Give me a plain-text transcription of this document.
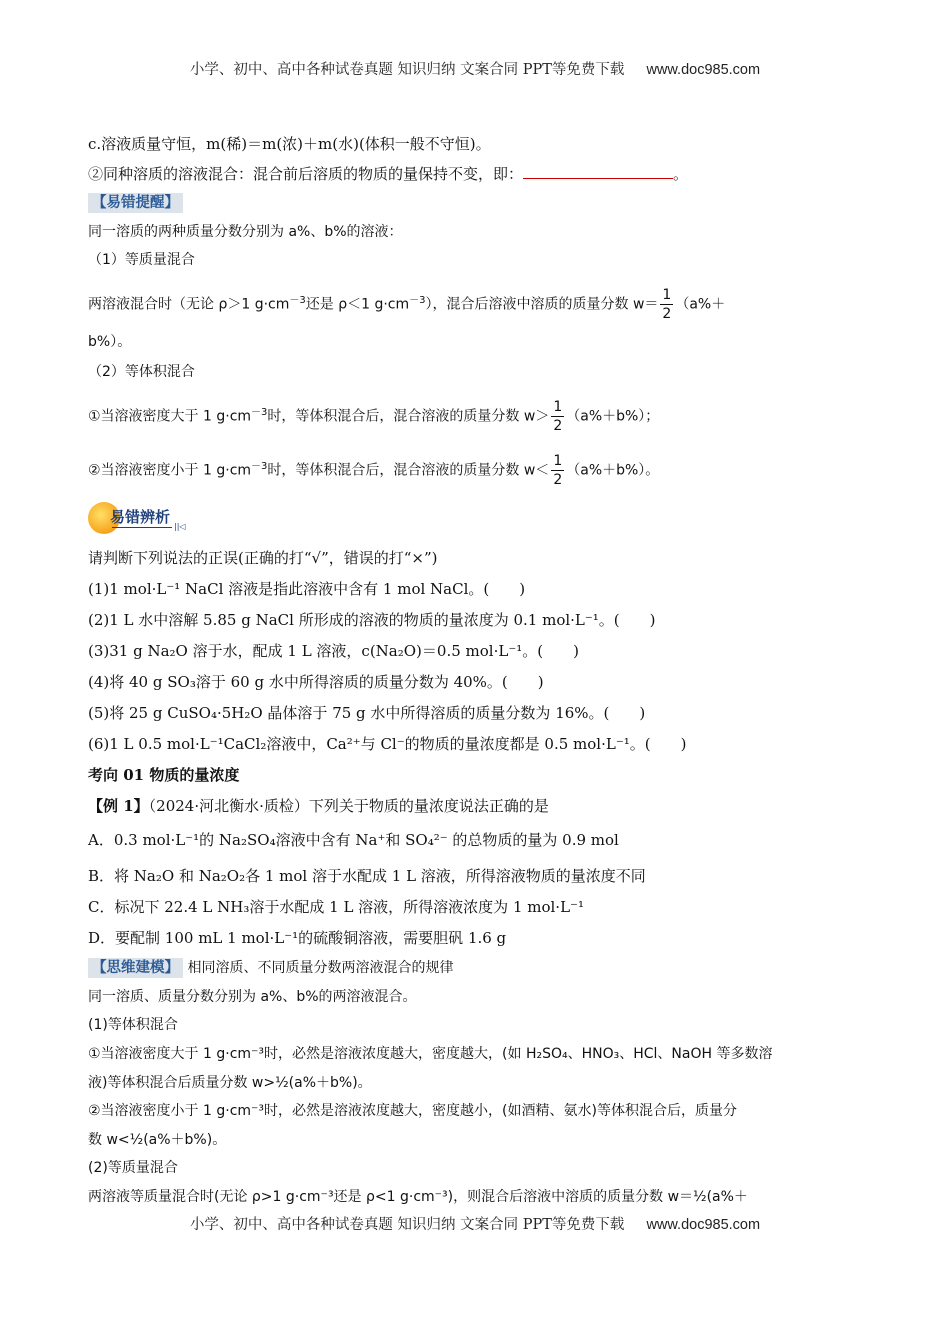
小学、初中、高中各种试卷真题 知识归纳 文案合同 PPT等免费下载 www.doc985.com
c.溶液质量守恒，m(稀)＝m(浓)＋m(水)(体积一般不守恒)。
②同种溶质的溶液混合：混合前后溶质的物质的量保持不变，即：	。
【易错提醒】
同一溶质的两种质量分数分别为 a%、b%的溶液：
（1）等质量混合
两溶液混合时（无论 ρ＞1 $g\cdot cm^{-3}$还是 ρ＜1 $g\cdot cm^{-3}$），混合后溶液中溶质的质量分数 $w= \frac{1}{2} (a\%+$
b%）。
（2）等体积混合
①当溶液密度大于 1 $g\cdot cm^{-3}$时，等体积混合后，混合溶液的质量分数 $w> \frac{1}{2} (a\%+b\%)$；
②当溶液密度小于 1 $g\cdot cm^{-3}$时，等体积混合后，混合溶液的质量分数 $w< \frac{1}{2} (a\%+b\%)$。
易错辨析
||◁
请判断下列说法的正误(正确的打“√”，错误的打“×”)
(1)1 mol·L⁻¹ NaCl 溶液是指此溶液中含有 1 mol NaCl。(　　)
(2)1 L 水中溶解 5.85 g NaCl 所形成的溶液的物质的量浓度为 0.1 mol·L⁻¹。(　　)
(3)31 g Na₂O 溶于水，配成 1 L 溶液，c(Na₂O)＝0.5 mol·L⁻¹。(　　)
(4)将 40 g SO₃溶于 60 g 水中所得溶质的质量分数为 40%。(　　)
(5)将 25 g CuSO₄·5H₂O 晶体溶于 75 g 水中所得溶质的质量分数为 16%。(　　)
(6)1 L 0.5 mol·L⁻¹CaCl₂溶液中，Ca²⁺与 Cl⁻的物质的量浓度都是 0.5 mol·L⁻¹。(　　)
考向 01 物质的量浓度
【例 1】（2024·河北衡水·质检）下列关于物质的量浓度说法正确的是
A．0.3 mol·L⁻¹的 Na₂SO₄溶液中含有 Na⁺和 SO₄²⁻ 的总物质的量为 0.9 mol
B．将 Na₂O 和 Na₂O₂各 1 mol 溶于水配成 1 L 溶液，所得溶液物质的量浓度不同
C．标况下 22.4 L NH₃溶于水配成 1 L 溶液，所得溶液浓度为 1 mol·L⁻¹
D．要配制 100 mL 1 mol·L⁻¹的硫酸铜溶液，需要胆矾 1.6 g
【思维建模】 相同溶质、不同质量分数两溶液混合的规律
同一溶质、质量分数分别为 a%、b%的两溶液混合。
(1)等体积混合
①当溶液密度大于 1 g·cm⁻³时，必然是溶液浓度越大，密度越大，(如 H₂SO₄、HNO₃、HCl、NaOH 等多数溶
液)等体积混合后质量分数 w>½(a%＋b%)。
②当溶液密度小于 1 g·cm⁻³时，必然是溶液浓度越大，密度越小，(如酒精、氨水)等体积混合后，质量分
数 w<½(a%＋b%)。
(2)等质量混合
两溶液等质量混合时(无论 ρ>1 g·cm⁻³还是 ρ<1 g·cm⁻³)，则混合后溶液中溶质的质量分数 w＝½(a%＋
小学、初中、高中各种试卷真题 知识归纳 文案合同 PPT等免费下载 www.doc985.com
